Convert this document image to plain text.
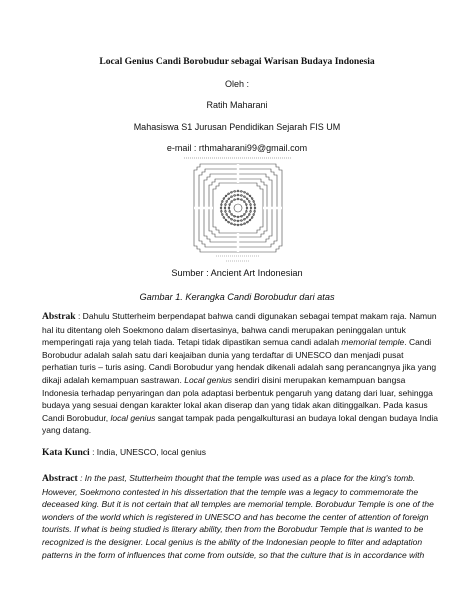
Local Genius Candi Borobudur sebagai Warisan Budaya Indonesia
Oleh :
Ratih Maharani
Mahasiswa S1 Jurusan Pendidikan Sejarah FIS UM
e-mail : rthmaharani99@gmail.com
Sumber : Ancient Art Indonesian
Gambar 1. Kerangka Candi Borobudur dari atas
Abstrak : Dahulu Stutterheim berpendapat bahwa candi digunakan sebagai tempat makam raja. Namun
hal itu ditentang oleh Soekmono dalam disertasinya, bahwa candi merupakan peninggalan untuk
memperingati raja yang telah tiada. Tetapi tidak dipastikan semua candi adalah memorial temple. Candi
Borobudur adalah salah satu dari keajaiban dunia yang terdaftar di UNESCO dan menjadi pusat
perhatian turis – turis asing. Candi Borobudur yang hendak dikenali adalah sang perancangnya jika yang
dikaji adalah kemampuan sastrawan. Local genius sendiri disini merupakan kemampuan bangsa
Indonesia terhadap penyaringan dan pola adaptasi berbentuk pengaruh yang datang dari luar, sehingga
budaya yang sesuai dengan karakter lokal akan diserap dan yang tidak akan ditinggalkan. Pada kasus
Candi Borobudur, local genius sangat tampak pada pengalkulturasi an budaya lokal dengan budaya India
yang datang.
Kata Kunci : India, UNESCO, local genius
Abstract : In the past, Stutterheim thought that the temple was used as a place for the king's tomb.
However, Soekmono contested in his dissertation that the temple was a legacy to commemorate the
deceased king. But it is not certain that all temples are memorial temple. Borobudur Temple is one of the
wonders of the world which is registered in UNESCO and has become the center of attention of foreign
tourists. If what is being studied is literary ability, then from the Borobudur Temple that is wanted to be
recognized is the designer. Local genius is the ability of the Indonesian people to filter and adaptation
patterns in the form of influences that come from outside, so that the culture that is in accordance with
